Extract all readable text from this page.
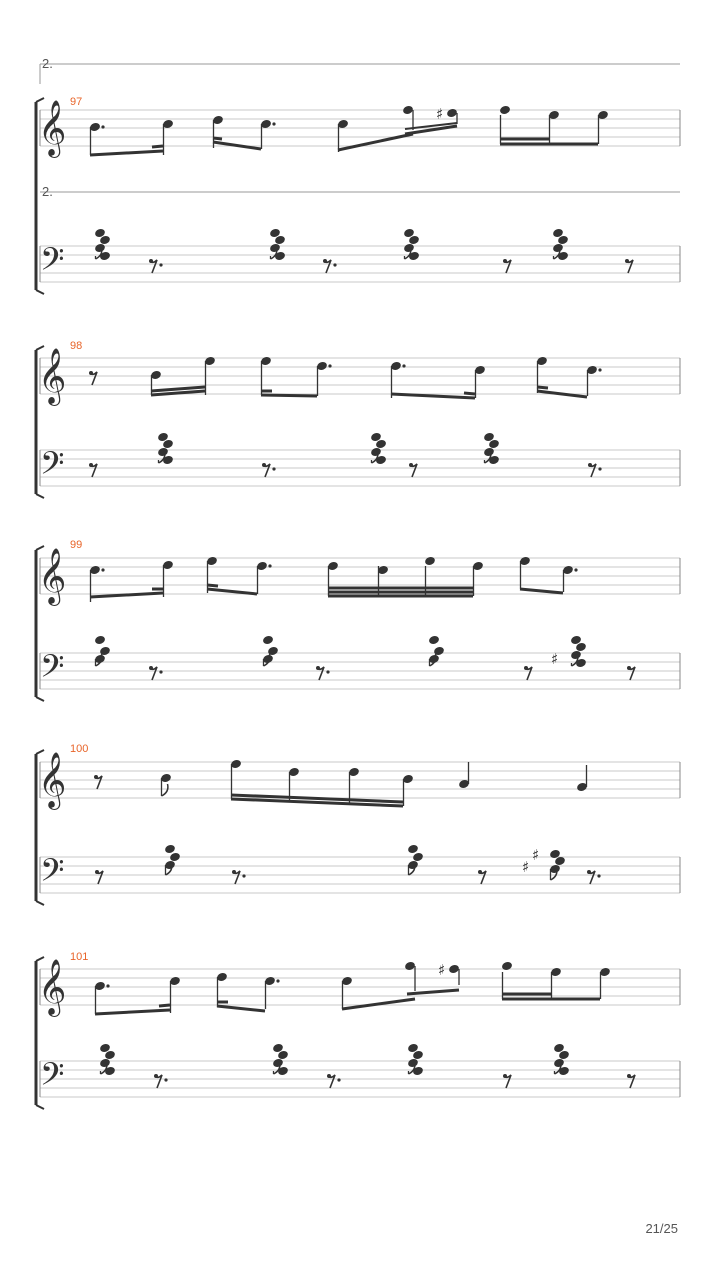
2.
2.
97
98
99
100
101
𝄞
𝄢
𝄞
𝄢
𝄞
𝄢
𝄞
𝄢
𝄞
𝄢
♯
♯
♯
♯
♯
21/25
